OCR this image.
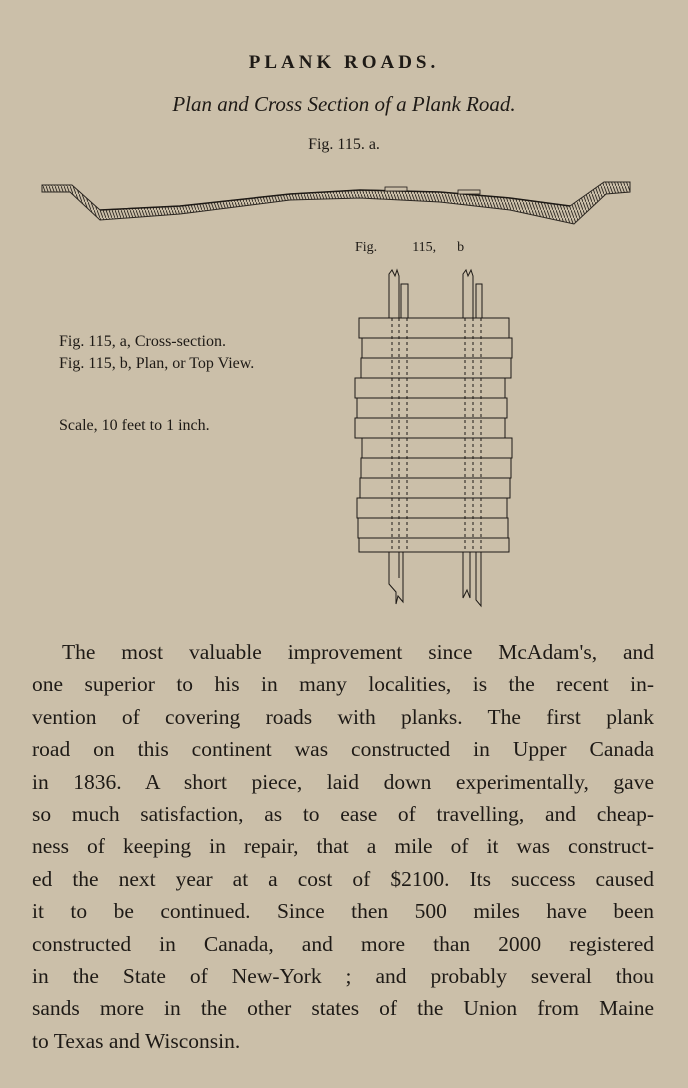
PLANK ROADS.
Plan and Cross Section of a Plank Road.
Fig. 115. a.
Fig.	115, b
Fig. 115, a, Cross-section.
Fig. 115, b, Plan, or Top View.
Scale, 10 feet to 1 inch.
The most valuable improvement since McAdam's, and
one superior to his in many localities, is the recent in-
vention of covering roads with planks. The first plank
road on this continent was constructed in Upper Canada
in 1836. A short piece, laid down experimentally, gave
so much satisfaction, as to ease of travelling, and cheap-
ness of keeping in repair, that a mile of it was construct-
ed the next year at a cost of $2100. Its success caused
it to be continued. Since then 500 miles have been
constructed in Canada, and more than 2000 registered
in the State of New-York ; and probably several thou
sands more in the other states of the Union from Maine
to Texas and Wisconsin.
